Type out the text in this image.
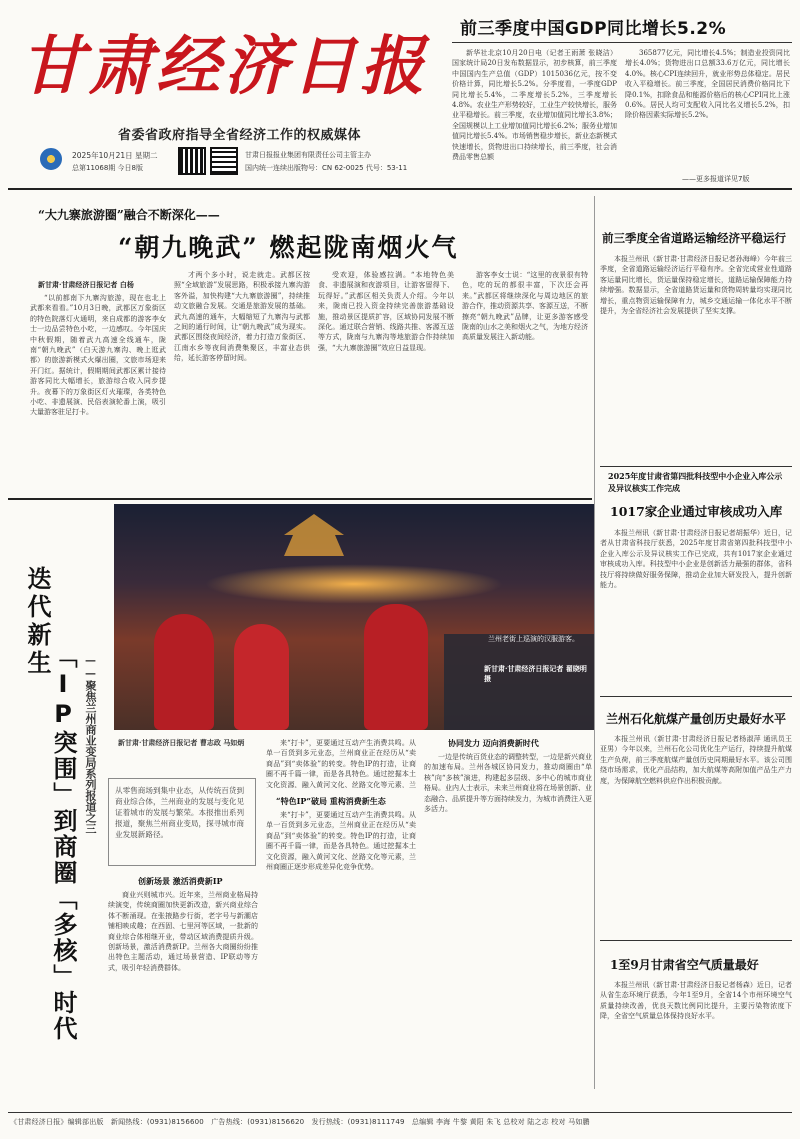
甘肃经济日报
省委省政府指导全省经济工作的权威媒体
2025年10月21日 星期二
总第11068期 今日8版
甘肃日报报业集团有限责任公司主管主办
国内统一连续出版物号：CN 62-0025 代号：53-11
前三季度中国GDP同比增长5.2%
新华社北京10月20日电（记者王雨萧 张晓洁）国家统计局20日发布数据显示，初步核算，前三季度中国国内生产总值（GDP）1015036亿元，按不变价格计算，同比增长5.2%。分季度看，一季度GDP同比增长5.4%，二季度增长5.2%，三季度增长4.8%。农业生产形势较好，工业生产较快增长，服务业平稳增长。前三季度，农业增加值同比增长3.8%；全国规模以上工业增加值同比增长6.2%；服务业增加值同比增长5.4%。市场销售稳步增长，新业态新模式快速增长，货物进出口持续增长，前三季度，社会消费品零售总额
365877亿元，同比增长4.5%；制造业投资同比增长4.0%；货物进出口总额33.6万亿元，同比增长4.0%。核心CPI连续回升，就业形势总体稳定。居民收入平稳增长。前三季度，全国居民消费价格同比下降0.1%，扣除食品和能源价格后的核心CPI同比上涨0.6%。居民人均可支配收入同比名义增长5.2%，扣除价格因素实际增长5.2%。
——更多报道详见7版
“大九寨旅游圈”融合不断深化——
“朝九晚武” 燃起陇南烟火气
新甘肃·甘肃经济日报记者 白杨
“以前都南下九寨沟旅游，现在也北上武都来看看。”10月3日晚，武都区万象街区的特色院落灯火通明，来自成都的游客李女士一边品尝特色小吃，一边感叹。今年国庆中秋假期，随着武九高速全线通车，陇南“朝九晚武”（白天游九寨沟、晚上逛武都）的旅游新模式火爆出圈，文旅市场迎来开门红。据统计，假期期间武都区累计接待游客同比大幅增长，旅游综合收入同步提升。夜幕下的万象街区灯火璀璨，各类特色小吃、非遗展演、民俗表演轮番上演，吸引大量游客驻足打卡。
才两个多小时，说走就走。武都区按照“全域旅游”发展思路，积极承接九寨沟游客外溢，加快构建“大九寨旅游圈”，持续推动文旅融合发展。交通是旅游发展的基础。武九高速的通车，大幅缩短了九寨沟与武都之间的通行时间，让“朝九晚武”成为现实。武都区围绕夜间经济，着力打造万象街区、江南水乡等夜间消费集聚区，丰富业态供给，延长游客停留时间。
受欢迎，体验感拉满。“本地特色美食、非遗展演和夜游项目，让游客留得下、玩得好。”武都区相关负责人介绍。今年以来，陇南已投入资金持续完善旅游基础设施，推动景区提质扩容，区域协同发展不断深化。通过联合营销、线路共推、客源互送等方式，陇南与九寨沟等地旅游合作持续加强，“大九寨旅游圈”效应日益显现。
游客李女士说：“这里的夜景很有特色，吃的玩的都很丰富，下次还会再来。”武都区将继续深化与周边地区的旅游合作，推动资源共享、客源互送，不断擦亮“朝九晚武”品牌，让更多游客感受陇南的山水之美和烟火之气，为地方经济高质量发展注入新动能。
迭代新生
「IP突围」到商圈「多核」时代 ——聚焦兰州商业变局系列报道之三
兰州老街上巡演的汉服游客。
新甘肃·甘肃经济日报记者 翟晓明 摄
新甘肃·甘肃经济日报记者 曹志政 马如炳
从零售商场到集中业态，从传统百货到商业综合体，兰州商业的发展与变化见证着城市的发展与繁荣。本报推出系列报道，聚焦兰州商业变局，探寻城市商业发展新路径。
创新场景 激活消费新IP
商业兴则城市兴。近年来，兰州商业格局持续演变，传统商圈加快更新改造，新兴商业综合体不断涌现。在张掖路步行街，老字号与新潮店铺相映成趣；在西固、七里河等区域，一批新的商业综合体相继开业，带动区域消费提质升级。创新场景，激活消费新IP。兰州各大商圈纷纷推出特色主题活动，通过场景营造、IP联动等方式，吸引年轻消费群体。
来“打卡”，更要通过互动产生消费共鸣。从单一百货到多元业态，兰州商业正在经历从“卖商品”到“卖体验”的转变。特色IP的打造，让商圈不再千篇一律，而是各具特色。通过挖掘本土文化资源，融入黄河文化、丝路文化等元素，兰
“特色IP”破局 重构消费新生态
来“打卡”，更要通过互动产生消费共鸣。从单一百货到多元业态，兰州商业正在经历从“卖商品”到“卖体验”的转变。特色IP的打造，让商圈不再千篇一律，而是各具特色。通过挖掘本土文化资源，融入黄河文化、丝路文化等元素，兰州商圈正逐步形成差异化竞争优势。
协同发力 迈向消费新时代
一边是传统百货业态的调整转型，一边是新兴商业的加速布局。兰州各城区协同发力，推动商圈由“单核”向“多核”演进，构建起多层级、多中心的城市商业格局。业内人士表示，未来兰州商业将在场景创新、业态融合、品质提升等方面持续发力，为城市消费注入更多活力。
前三季度全省道路运输经济平稳运行
本报兰州讯（新甘肃·甘肃经济日报记者孙海峰）今年前三季度，全省道路运输经济运行平稳有序。全省完成营业性道路客运量同比增长，货运量保持稳定增长，道路运输保障能力持续增强。数据显示，全省道路货运量和货物周转量均实现同比增长，重点物资运输保障有力，城乡交通运输一体化水平不断提升，为全省经济社会发展提供了坚实支撑。
2025年度甘肃省第四批科技型中小企业入库公示及异议核实工作完成
1017家企业通过审核成功入库
本报兰州讯（新甘肃·甘肃经济日报记者胡振华）近日，记者从甘肃省科技厅获悉，2025年度甘肃省第四批科技型中小企业入库公示及异议核实工作已完成，共有1017家企业通过审核成功入库。科技型中小企业是创新活力最强的群体，省科技厅将持续做好服务保障，推动企业加大研发投入，提升创新能力。
兰州石化航煤产量创历史最好水平
本报兰州讯（新甘肃·甘肃经济日报记者杨淑萍 通讯员王亚男）今年以来，兰州石化公司优化生产运行，持续提升航煤生产负荷，前三季度航煤产量创历史同期最好水平。该公司围绕市场需求，优化产品结构，加大航煤等高附加值产品生产力度，为保障航空燃料供应作出积极贡献。
1至9月甘肃省空气质量最好
本报兰州讯（新甘肃·甘肃经济日报记者杨森）近日，记者从省生态环境厅获悉，今年1至9月，全省14个市州环境空气质量持续改善，优良天数比例同比提升，主要污染物浓度下降，全省空气质量总体保持良好水平。
《甘肃经济日报》编辑部出版 新闻热线：(0931)8156600 广告热线：(0931)8156620 发行热线：(0931)8111749 总编辑 李海 牛黎 黄阳 朱飞 总校对 陆之志 校对 马如鹏
